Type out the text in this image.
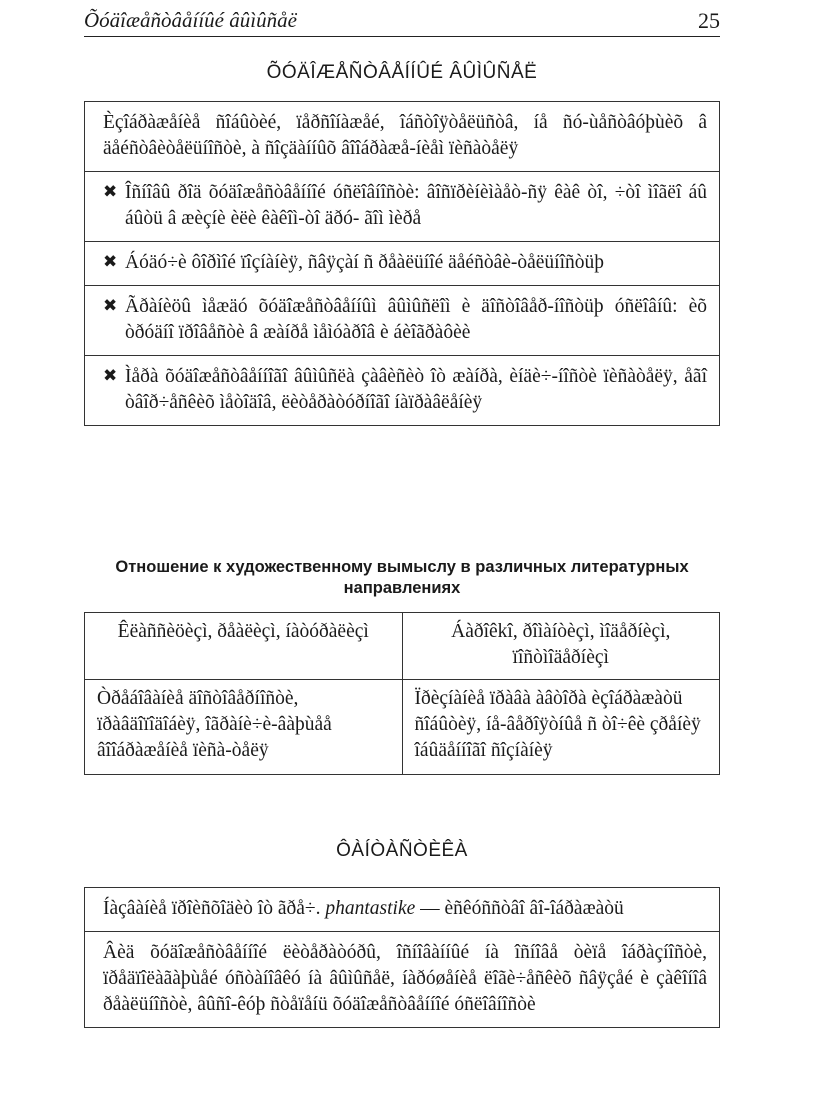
Õóäîæåñòâåííûé âûìûñåë	25
ÕÓÄÎÆÅÑÒÂÅÍÍÛÉ ÂÛÌÛÑÅË
Èçîáðàæåíèå ñîáûòèé, ïåðñîíàæåé, îáñòîÿòåëüñòâ, íå ñó-ùåñòâóþùèõ â äåéñòâèòåëüíîñòè, à ñîçäàííûõ âîîáðàæå-íèåì ïèñàòåëÿ
✖ Îñíîâû ðîä õóäîæåñòâåííîé óñëîâíîñòè: âîñïðèíèìàåò-ñÿ êàê òî, ÷òî ìîãëî áû áûòü â æèçíè èëè êàêîì-òî äðó- ãîì ìèðå
✖ Áóäó÷è ôîðìîé ïîçíàíèÿ, ñâÿçàí ñ ðåàëüíîé äåéñòâè-òåëüíîñòüþ
✖ Ãðàíèöû ìåæäó õóäîæåñòâåííûì âûìûñëîì è äîñòîâåð-íîñòüþ óñëîâíû: èõ òðóäíî ïðîâåñòè â æàíðå ìåìóàðîâ è áèîãðàôèè
✖ Ìåðà õóäîæåñòâåííîãî âûìûñëà çàâèñèò îò æàíðà, èíäè÷-íîñòè ïèñàòåëÿ, åãî òâîð÷åñêèõ ìåòîäîâ, ëèòåðàòóðíîãî íàïðàâëåíèÿ
Отношение к художественному вымыслу в различных литературных направлениях
Êëàññèöèçì, ðåàëèçì, íàòóðàëèçì	Áàðîêkî, ðîìàíòèçì, ìîäåðíèçì, ïîñòìîäåðíèçì
Òðåáîâàíèå äîñòîâåðíîñòè, ïðàâäîïîäîáèÿ, îãðàíè÷è-âàþùåå âîîáðàæåíèå ïèñà-òåëÿ	Ïðèçíàíèå ïðàâà àâòîðà èçîáðàæàòü ñîáûòèÿ, íå-âåðîÿòíûå ñ òî÷êè çðåíèÿ îáûäåííîãî ñîçíàíèÿ
ÔÀÍÒÀÑÒÈÊÀ
Íàçâàíèå ïðîèñõîäèò îò ãðå÷. phantastike — èñêóññòâî âî-îáðàæàòü
Âèä õóäîæåñòâåííîé ëèòåðàòóðû, îñíîâàííûé íà îñíîâå òèïå îáðàçíîñòè, ïðåäïîëàãàþùåé óñòàíîâêó íà âûìûñåë, íàðóøåíèå ëîãè÷åñêèõ ñâÿçåé è çàêîíîâ ðåàëüíîñòè, âûñî-êóþ ñòåïåíü õóäîæåñòâåííîé óñëîâíîñòè
